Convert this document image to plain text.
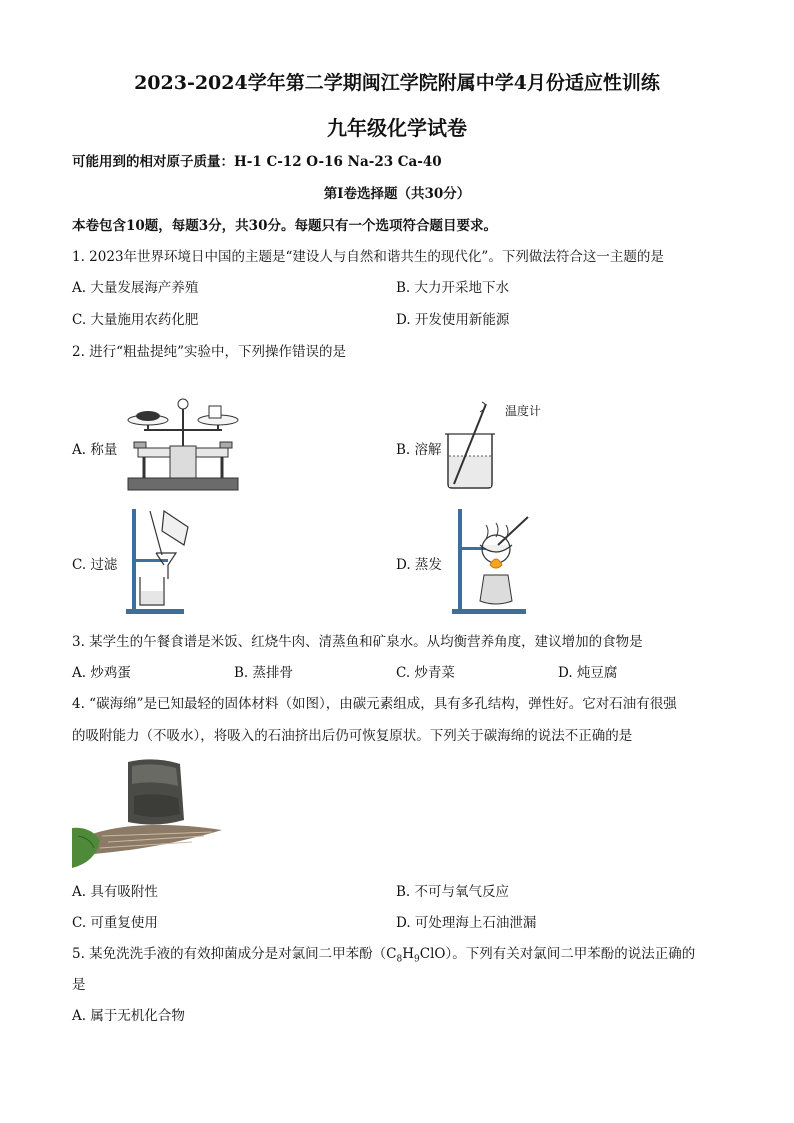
2023-2024学年第二学期闽江学院附属中学4月份适应性训练
九年级化学试卷
可能用到的相对原子质量：H-1 C-12 O-16 Na-23 Ca-40
第Ⅰ卷选择题（共30分）
本卷包含10题，每题3分，共30分。每题只有一个选项符合题目要求。
1. 2023年世界环境日中国的主题是“建设人与自然和谐共生的现代化”。下列做法符合这一主题的是
A. 大量发展海产养殖	B. 大力开采地下水
C. 大量施用农药化肥	D. 开发使用新能源
2. 进行“粗盐提纯”实验中，下列操作错误的是
A. 称量	B. 溶解
温度计
C. 过滤	D. 蒸发
3. 某学生的午餐食谱是米饭、红烧牛肉、清蒸鱼和矿泉水。从均衡营养角度，建议增加的食物是
A. 炒鸡蛋	B. 蒸排骨	C. 炒青菜	D. 炖豆腐
4. “碳海绵”是已知最轻的固体材料（如图），由碳元素组成，具有多孔结构，弹性好。它对石油有很强
的吸附能力（不吸水），将吸入的石油挤出后仍可恢复原状。下列关于碳海绵的说法不正确的是
A. 具有吸附性	B. 不可与氧气反应
C. 可重复使用	D. 可处理海上石油泄漏
5. 某免洗洗手液的有效抑菌成分是对氯间二甲苯酚$(C_8H_9ClO)$。下列有关对氯间二甲苯酚的说法正确的
是
A. 属于无机化合物
